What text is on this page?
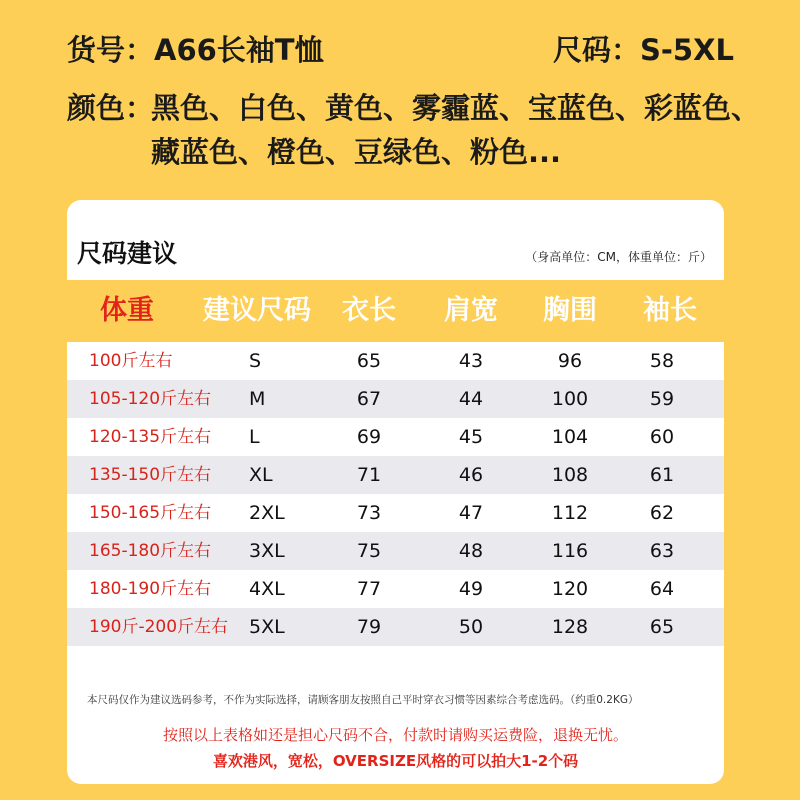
货号：A66长袖T恤	尺码：S-5XL
颜色：
黑色、白色、黄色、雾霾蓝、宝蓝色、彩蓝色、藏蓝色、橙色、豆绿色、粉色...
尺码建议	（身高单位：CM，体重单位：斤）
体重	建议尺码	衣长	肩宽	胸围	袖长
100斤左右	S	65	43	96	58
105-120斤左右	M	67	44	100	59
120-135斤左右	L	69	45	104	60
135-150斤左右	XL	71	46	108	61
150-165斤左右	2XL	73	47	112	62
165-180斤左右	3XL	75	48	116	63
180-190斤左右	4XL	77	49	120	64
190斤-200斤左右	5XL	79	50	128	65
本尺码仅作为建议选码参考，不作为实际选择，请顾客朋友按照自己平时穿衣习惯等因素综合考虑选码。（约重0.2KG）
按照以上表格如还是担心尺码不合，付款时请购买运费险，退换无忧。
喜欢港风，宽松，OVERSIZE风格的可以拍大1-2个码
